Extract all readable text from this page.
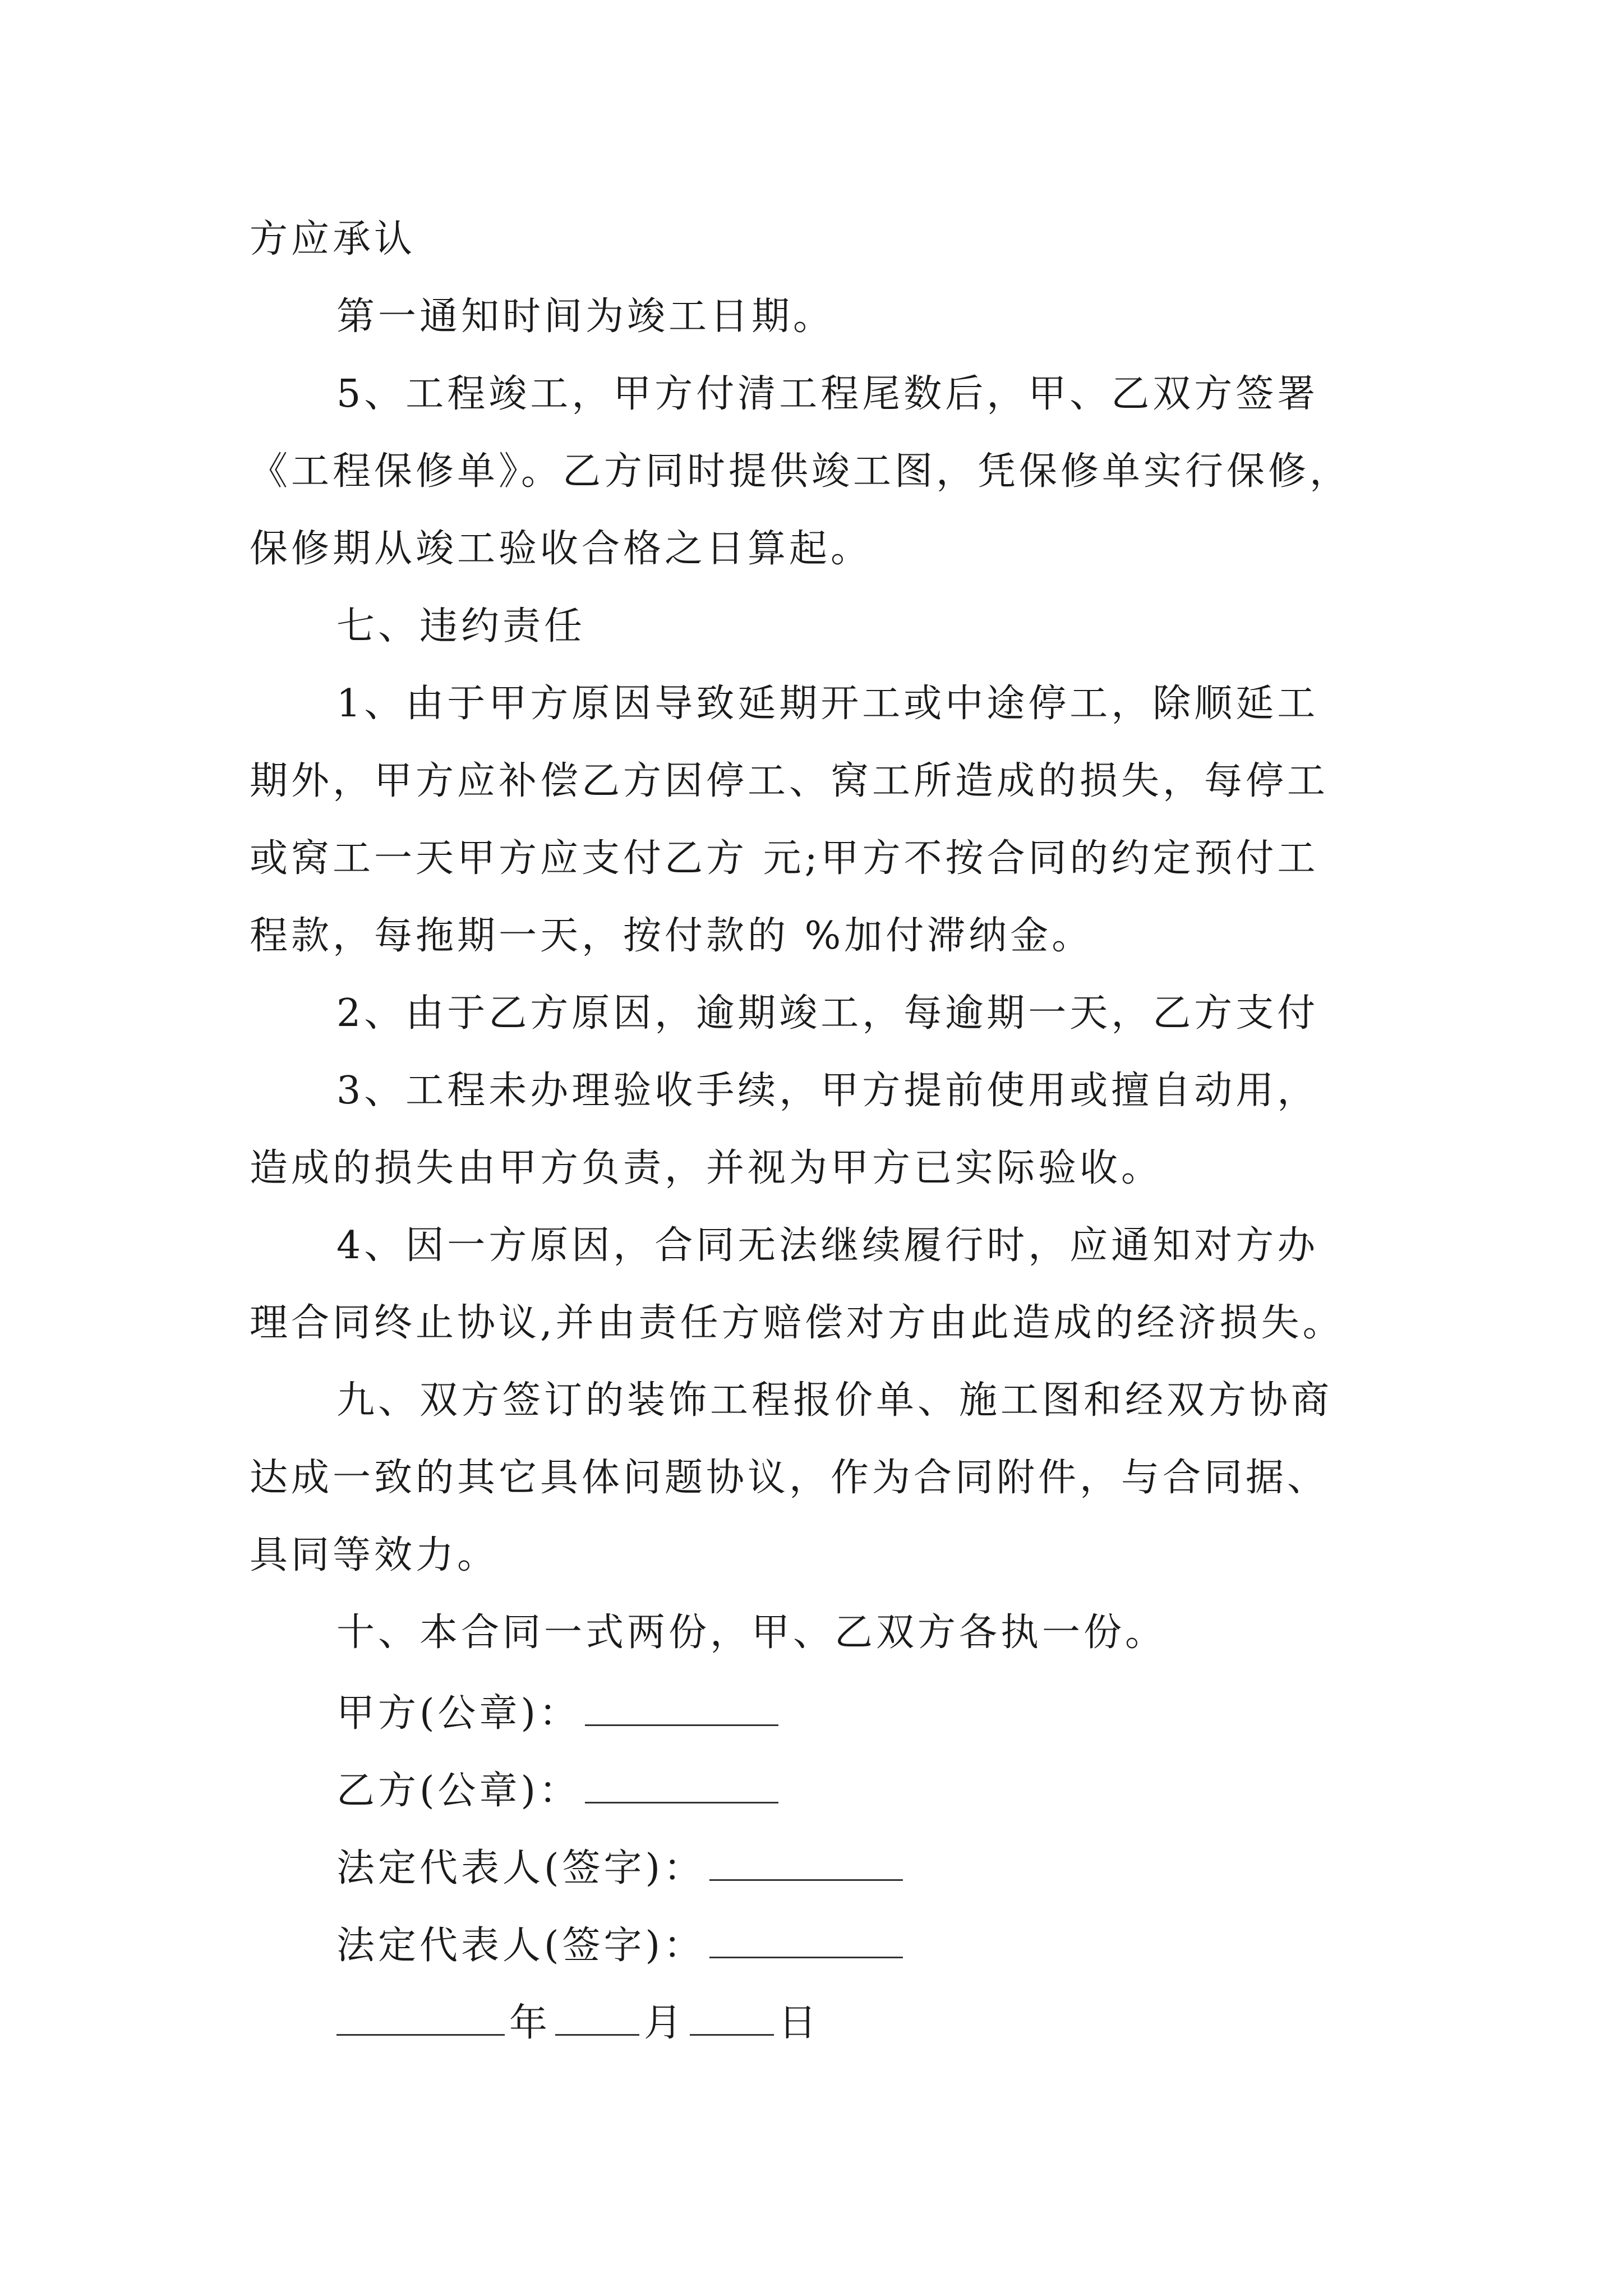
方应承认
第一通知时间为竣工日期。
5、工程竣工，甲方付清工程尾数后，甲、乙双方签署
《工程保修单》。乙方同时提供竣工图，凭保修单实行保修，
保修期从竣工验收合格之日算起。
七、违约责任
1、由于甲方原因导致延期开工或中途停工，除顺延工
期外，甲方应补偿乙方因停工、窝工所造成的损失，每停工
或窝工一天甲方应支付乙方 元;甲方不按合同的约定预付工
程款，每拖期一天，按付款的 %加付滞纳金。
2、由于乙方原因，逾期竣工，每逾期一天，乙方支付
3、工程未办理验收手续，甲方提前使用或擅自动用，
造成的损失由甲方负责，并视为甲方已实际验收。
4、因一方原因，合同无法继续履行时，应通知对方办
理合同终止协议,并由责任方赔偿对方由此造成的经济损失。
九、双方签订的装饰工程报价单、施工图和经双方协商
达成一致的其它具体问题协议，作为合同附件，与合同据、
具同等效力。
十、本合同一式两份，甲、乙双方各执一份。
甲方(公章)：
乙方(公章)：
法定代表人(签字)：
法定代表人(签字)：
年 月 日
